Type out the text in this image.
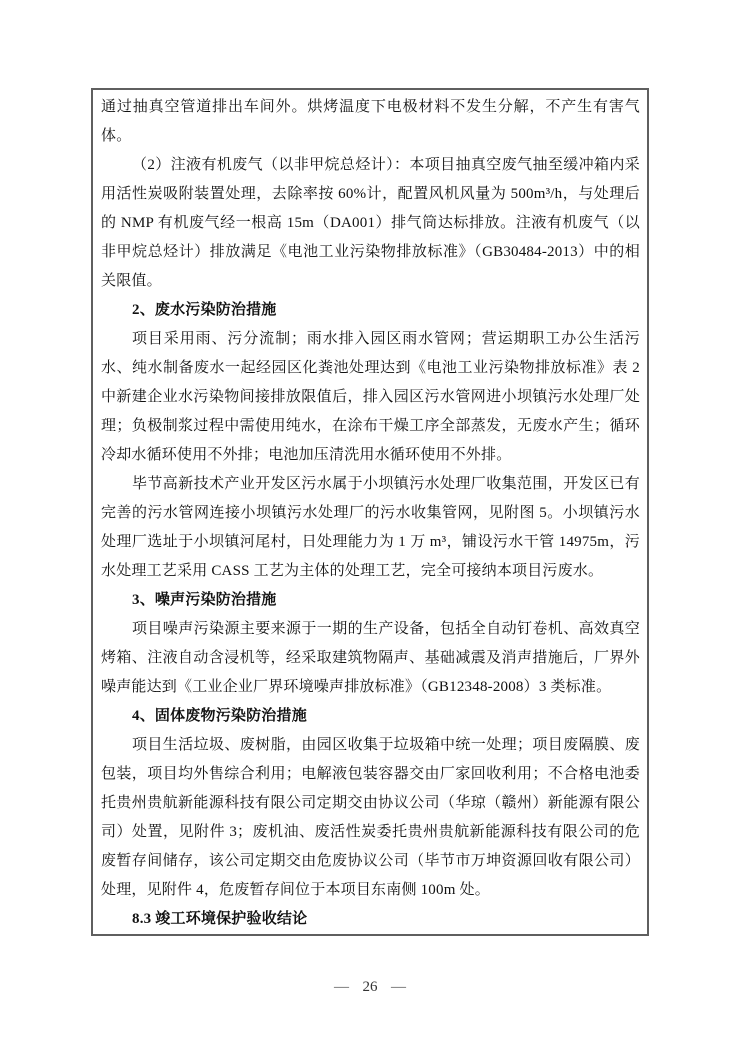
通过抽真空管道排出车间外。烘烤温度下电极材料不发生分解，不产生有害气体。

（2）注液有机废气（以非甲烷总烃计）：本项目抽真空废气抽至缓冲箱内采用活性炭吸附装置处理，去除率按 60%计，配置风机风量为 500m³/h，与处理后的 NMP 有机废气经一根高 15m（DA001）排气筒达标排放。注液有机废气（以非甲烷总烃计）排放满足《电池工业污染物排放标准》（GB30484-2013）中的相关限值。

2、废水污染防治措施

项目采用雨、污分流制；雨水排入园区雨水管网；营运期职工办公生活污水、纯水制备废水一起经园区化粪池处理达到《电池工业污染物排放标准》表 2 中新建企业水污染物间接排放限值后，排入园区污水管网进小坝镇污水处理厂处理；负极制浆过程中需使用纯水，在涂布干燥工序全部蒸发，无废水产生；循环冷却水循环使用不外排；电池加压清洗用水循环使用不外排。

毕节高新技术产业开发区污水属于小坝镇污水处理厂收集范围，开发区已有完善的污水管网连接小坝镇污水处理厂的污水收集管网，见附图 5。小坝镇污水处理厂选址于小坝镇河尾村，日处理能力为 1 万 m³，铺设污水干管 14975m，污水处理工艺采用 CASS 工艺为主体的处理工艺，完全可接纳本项目污废水。

3、噪声污染防治措施

项目噪声污染源主要来源于一期的生产设备，包括全自动钉卷机、高效真空烤箱、注液自动含浸机等，经采取建筑物隔声、基础减震及消声措施后，厂界外噪声能达到《工业企业厂界环境噪声排放标准》（GB12348-2008）3 类标准。

4、固体废物污染防治措施

项目生活垃圾、废树脂，由园区收集于垃圾箱中统一处理；项目废隔膜、废包装，项目均外售综合利用；电解液包装容器交由厂家回收利用；不合格电池委托贵州贵航新能源科技有限公司定期交由协议公司（华琼（赣州）新能源有限公司）处置，见附件 3；废机油、废活性炭委托贵州贵航新能源科技有限公司的危废暂存间储存，该公司定期交由危废协议公司（毕节市万坤资源回收有限公司）处理，见附件 4，危废暂存间位于本项目东南侧 100m 处。

8.3 竣工环境保护验收结论

— 26 —
